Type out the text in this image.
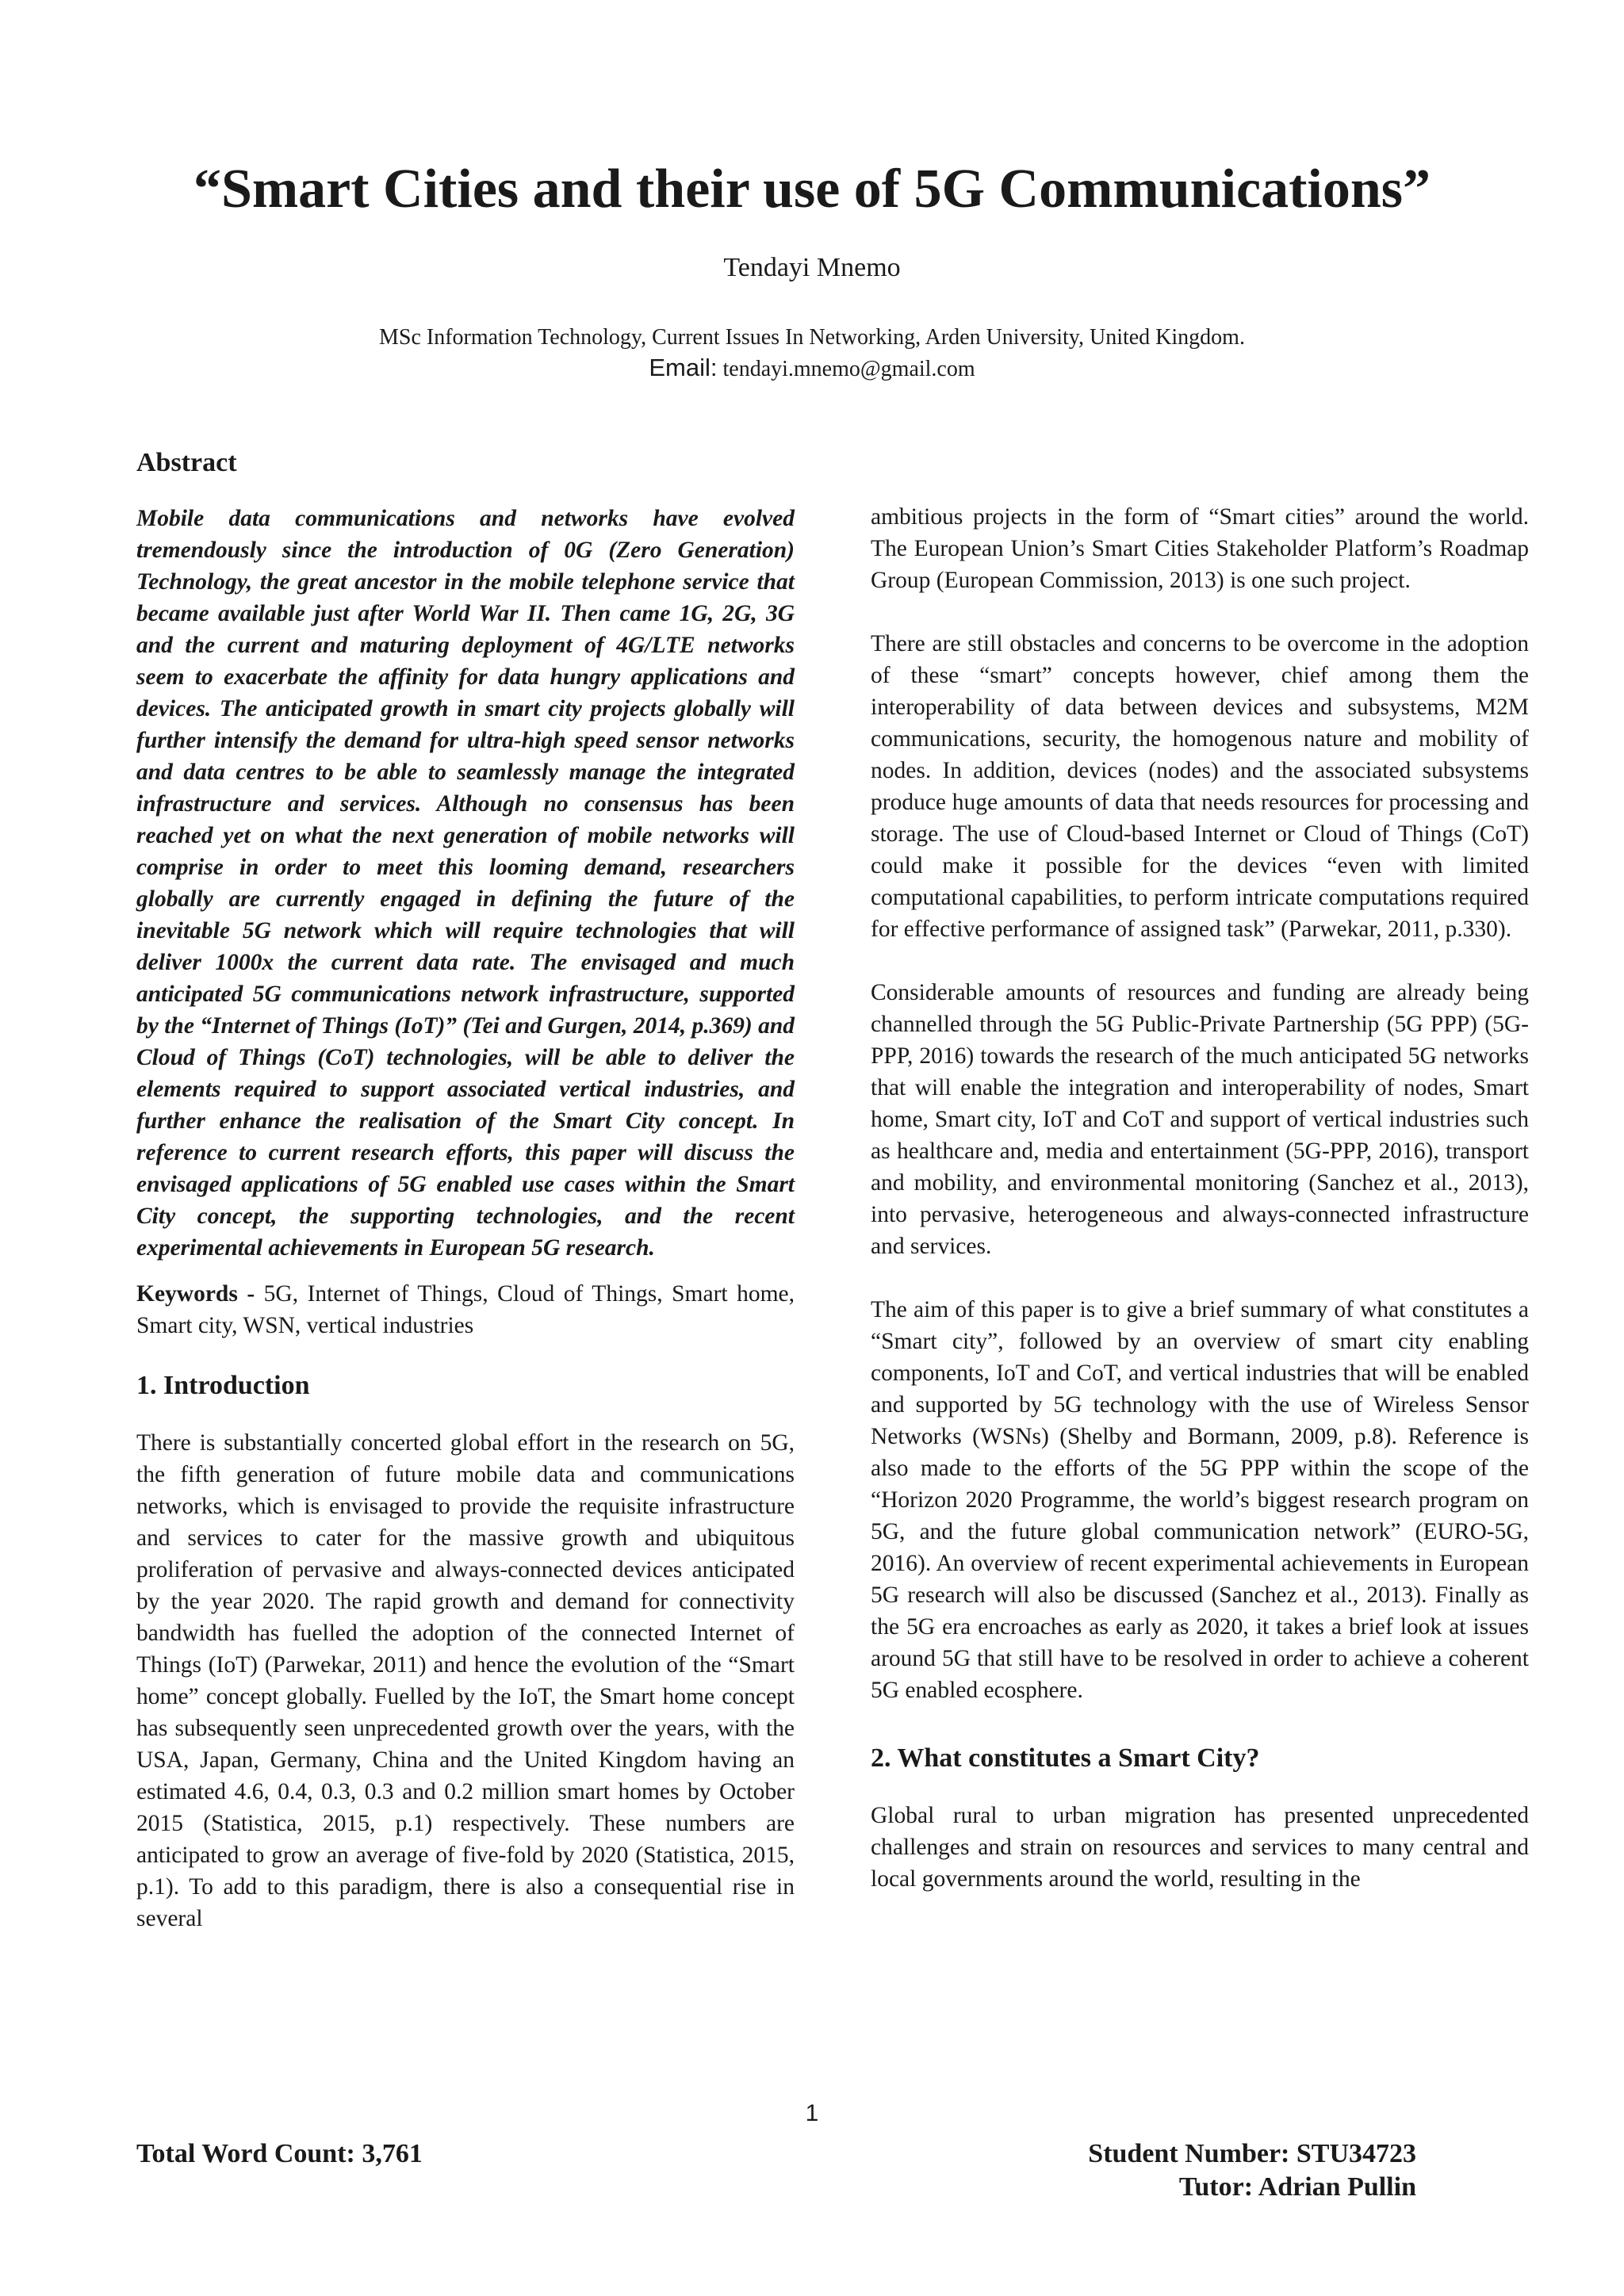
“Smart Cities and their use of 5G Communications”
Tendayi Mnemo
MSc Information Technology, Current Issues In Networking, Arden University, United Kingdom.
Email: tendayi.mnemo@gmail.com
Abstract

Mobile data communications and networks have evolved tremendously since the introduction of 0G (Zero Generation) Technology, the great ancestor in the mobile telephone service that became available just after World War II. Then came 1G, 2G, 3G and the current and maturing deployment of 4G/LTE networks seem to exacerbate the affinity for data hungry applications and devices. The anticipated growth in smart city projects globally will further intensify the demand for ultra-high speed sensor networks and data centres to be able to seamlessly manage the integrated infrastructure and services. Although no consensus has been reached yet on what the next generation of mobile networks will comprise in order to meet this looming demand, researchers globally are currently engaged in defining the future of the inevitable 5G network which will require technologies that will deliver 1000x the current data rate. The envisaged and much anticipated 5G communications network infrastructure, supported by the “Internet of Things (IoT)” (Tei and Gurgen, 2014, p.369) and Cloud of Things (CoT) technologies, will be able to deliver the elements required to support associated vertical industries, and further enhance the realisation of the Smart City concept. In reference to current research efforts, this paper will discuss the envisaged applications of 5G enabled use cases within the Smart City concept, the supporting technologies, and the recent experimental achievements in European 5G research.

Keywords - 5G, Internet of Things, Cloud of Things, Smart home, Smart city, WSN, vertical industries

1. Introduction

There is substantially concerted global effort in the research on 5G, the fifth generation of future mobile data and communications networks, which is envisaged to provide the requisite infrastructure and services to cater for the massive growth and ubiquitous proliferation of pervasive and always-connected devices anticipated by the year 2020. The rapid growth and demand for connectivity bandwidth has fuelled the adoption of the connected Internet of Things (IoT) (Parwekar, 2011) and hence the evolution of the “Smart home” concept globally. Fuelled by the IoT, the Smart home concept has subsequently seen unprecedented growth over the years, with the USA, Japan, Germany, China and the United Kingdom having an estimated 4.6, 0.4, 0.3, 0.3 and 0.2 million smart homes by October 2015 (Statistica, 2015, p.1) respectively. These numbers are anticipated to grow an average of five-fold by 2020 (Statistica, 2015, p.1). To add to this paradigm, there is also a consequential rise in several

ambitious projects in the form of “Smart cities” around the world. The European Union’s Smart Cities Stakeholder Platform’s Roadmap Group (European Commission, 2013) is one such project.

There are still obstacles and concerns to be overcome in the adoption of these “smart” concepts however, chief among them the interoperability of data between devices and subsystems, M2M communications, security, the homogenous nature and mobility of nodes. In addition, devices (nodes) and the associated subsystems produce huge amounts of data that needs resources for processing and storage. The use of Cloud-based Internet or Cloud of Things (CoT) could make it possible for the devices “even with limited computational capabilities, to perform intricate computations required for effective performance of assigned task” (Parwekar, 2011, p.330).

Considerable amounts of resources and funding are already being channelled through the 5G Public-Private Partnership (5G PPP) (5G-PPP, 2016) towards the research of the much anticipated 5G networks that will enable the integration and interoperability of nodes, Smart home, Smart city, IoT and CoT and support of vertical industries such as healthcare and, media and entertainment (5G-PPP, 2016), transport and mobility, and environmental monitoring (Sanchez et al., 2013), into pervasive, heterogeneous and always-connected infrastructure and services.

The aim of this paper is to give a brief summary of what constitutes a “Smart city”, followed by an overview of smart city enabling components, IoT and CoT, and vertical industries that will be enabled and supported by 5G technology with the use of Wireless Sensor Networks (WSNs) (Shelby and Bormann, 2009, p.8). Reference is also made to the efforts of the 5G PPP within the scope of the “Horizon 2020 Programme, the world’s biggest research program on 5G, and the future global communication network” (EURO-5G, 2016). An overview of recent experimental achievements in European 5G research will also be discussed (Sanchez et al., 2013). Finally as the 5G era encroaches as early as 2020, it takes a brief look at issues around 5G that still have to be resolved in order to achieve a coherent 5G enabled ecosphere.

2. What constitutes a Smart City?

Global rural to urban migration has presented unprecedented challenges and strain on resources and services to many central and local governments around the world, resulting in the

1
Total Word Count: 3,761	Student Number: STU34723
Tutor: Adrian Pullin
